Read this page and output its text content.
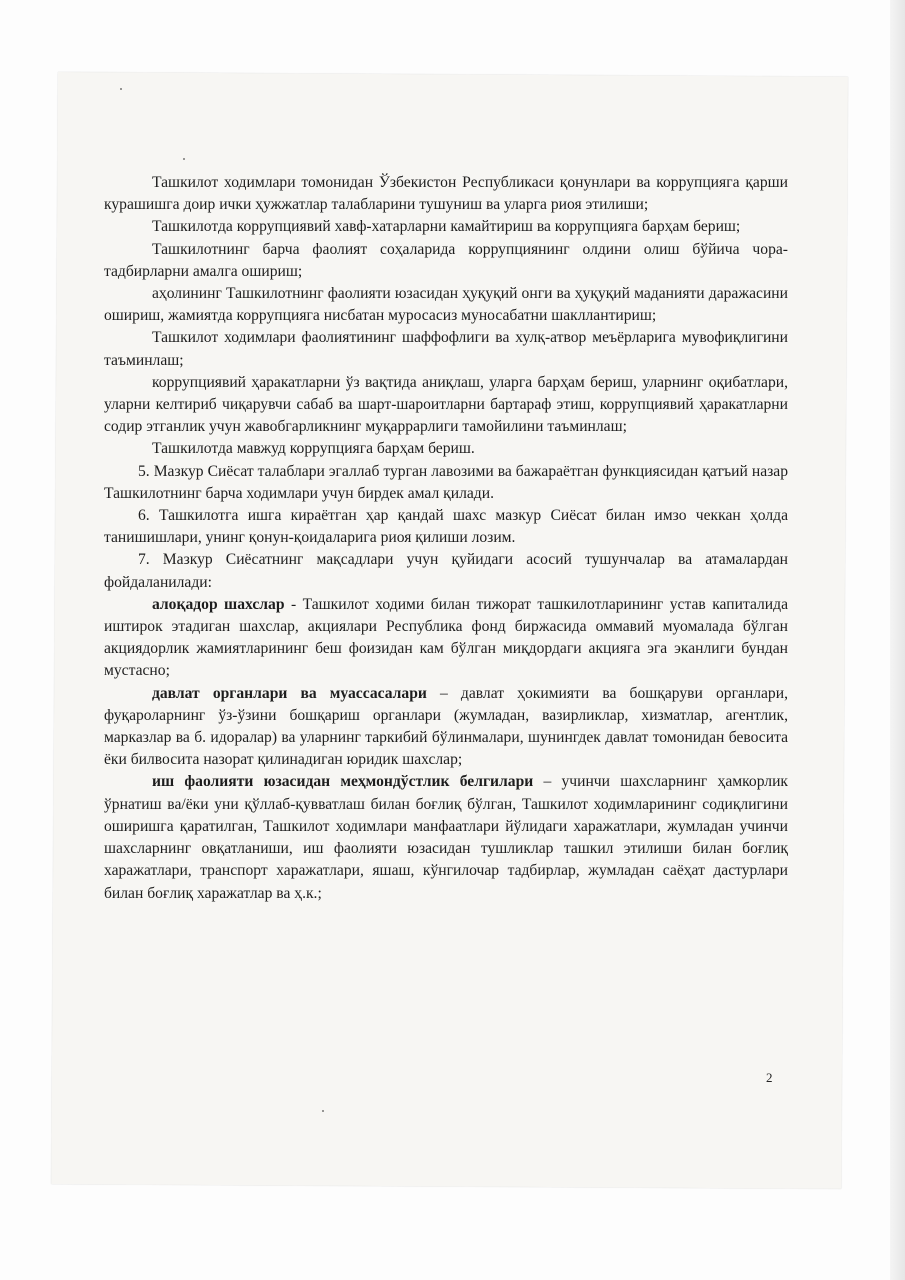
Ташкилот ходимлари томонидан Ўзбекистон Республикаси қонунлари ва коррупцияга қарши курашишга доир ички ҳужжатлар талабларини тушуниш ва уларга риоя этилиши;

Ташкилотда коррупциявий хавф-хатарларни камайтириш ва коррупцияга барҳам бериш;

Ташкилотнинг барча фаолият соҳаларида коррупциянинг олдини олиш бўйича чора-тадбирларни амалга ошириш;

аҳолининг Ташкилотнинг фаолияти юзасидан ҳуқуқий онги ва ҳуқуқий маданияти даражасини ошириш, жамиятда коррупцияга нисбатан муросасиз муносабатни шакллантириш;

Ташкилот ходимлари фаолиятининг шаффофлиги ва хулқ-атвор меъёрларига мувофиқлигини таъминлаш;

коррупциявий ҳаракатларни ўз вақтида аниқлаш, уларга барҳам бериш, уларнинг оқибатлари, уларни келтириб чиқарувчи сабаб ва шарт-шароитларни бартараф этиш, коррупциявий ҳаракатларни содир этганлик учун жавобгарликнинг муқаррарлиги тамойилини таъминлаш;

Ташкилотда мавжуд коррупцияга барҳам бериш.

5. Мазкур Сиёсат талаблари эгаллаб турган лавозими ва бажараётган функциясидан қатъий назар Ташкилотнинг барча ходимлари учун бирдек амал қилади.

6. Ташкилотга ишга кираётган ҳар қандай шахс мазкур Сиёсат билан имзо чеккан ҳолда танишишлари, унинг қонун-қоидаларига риоя қилиши лозим.

7. Мазкур Сиёсатнинг мақсадлари учун қуйидаги асосий тушунчалар ва атамалардан фойдаланилади:

алоқадор шахслар - Ташкилот ходими билан тижорат ташкилотларининг устав капиталида иштирок этадиган шахслар, акциялари Республика фонд биржасида оммавий муомалада бўлган акциядорлик жамиятларининг беш фоизидан кам бўлган миқдордаги акцияга эга эканлиги бундан мустасно;

давлат органлари ва муассасалари – давлат ҳокимияти ва бошқаруви органлари, фуқароларнинг ўз-ўзини бошқариш органлари (жумладан, вазирликлар, хизматлар, агентлик, марказлар ва б. идоралар) ва уларнинг таркибий бўлинмалари, шунингдек давлат томонидан бевосита ёки билвосита назорат қилинадиган юридик шахслар;

иш фаолияти юзасидан меҳмондўстлик белгилари – учинчи шахсларнинг ҳамкорлик ўрнатиш ва/ёки уни қўллаб-қувватлаш билан боғлиқ бўлган, Ташкилот ходимларининг содиқлигини оширишга қаратилган, Ташкилот ходимлари манфаатлари йўлидаги харажатлари, жумладан учинчи шахсларнинг овқатланиши, иш фаолияти юзасидан тушликлар ташкил этилиши билан боғлиқ харажатлари, транспорт харажатлари, яшаш, кўнгилочар тадбирлар, жумладан саёҳат дастурлари билан боғлиқ харажатлар ва ҳ.к.;

2
